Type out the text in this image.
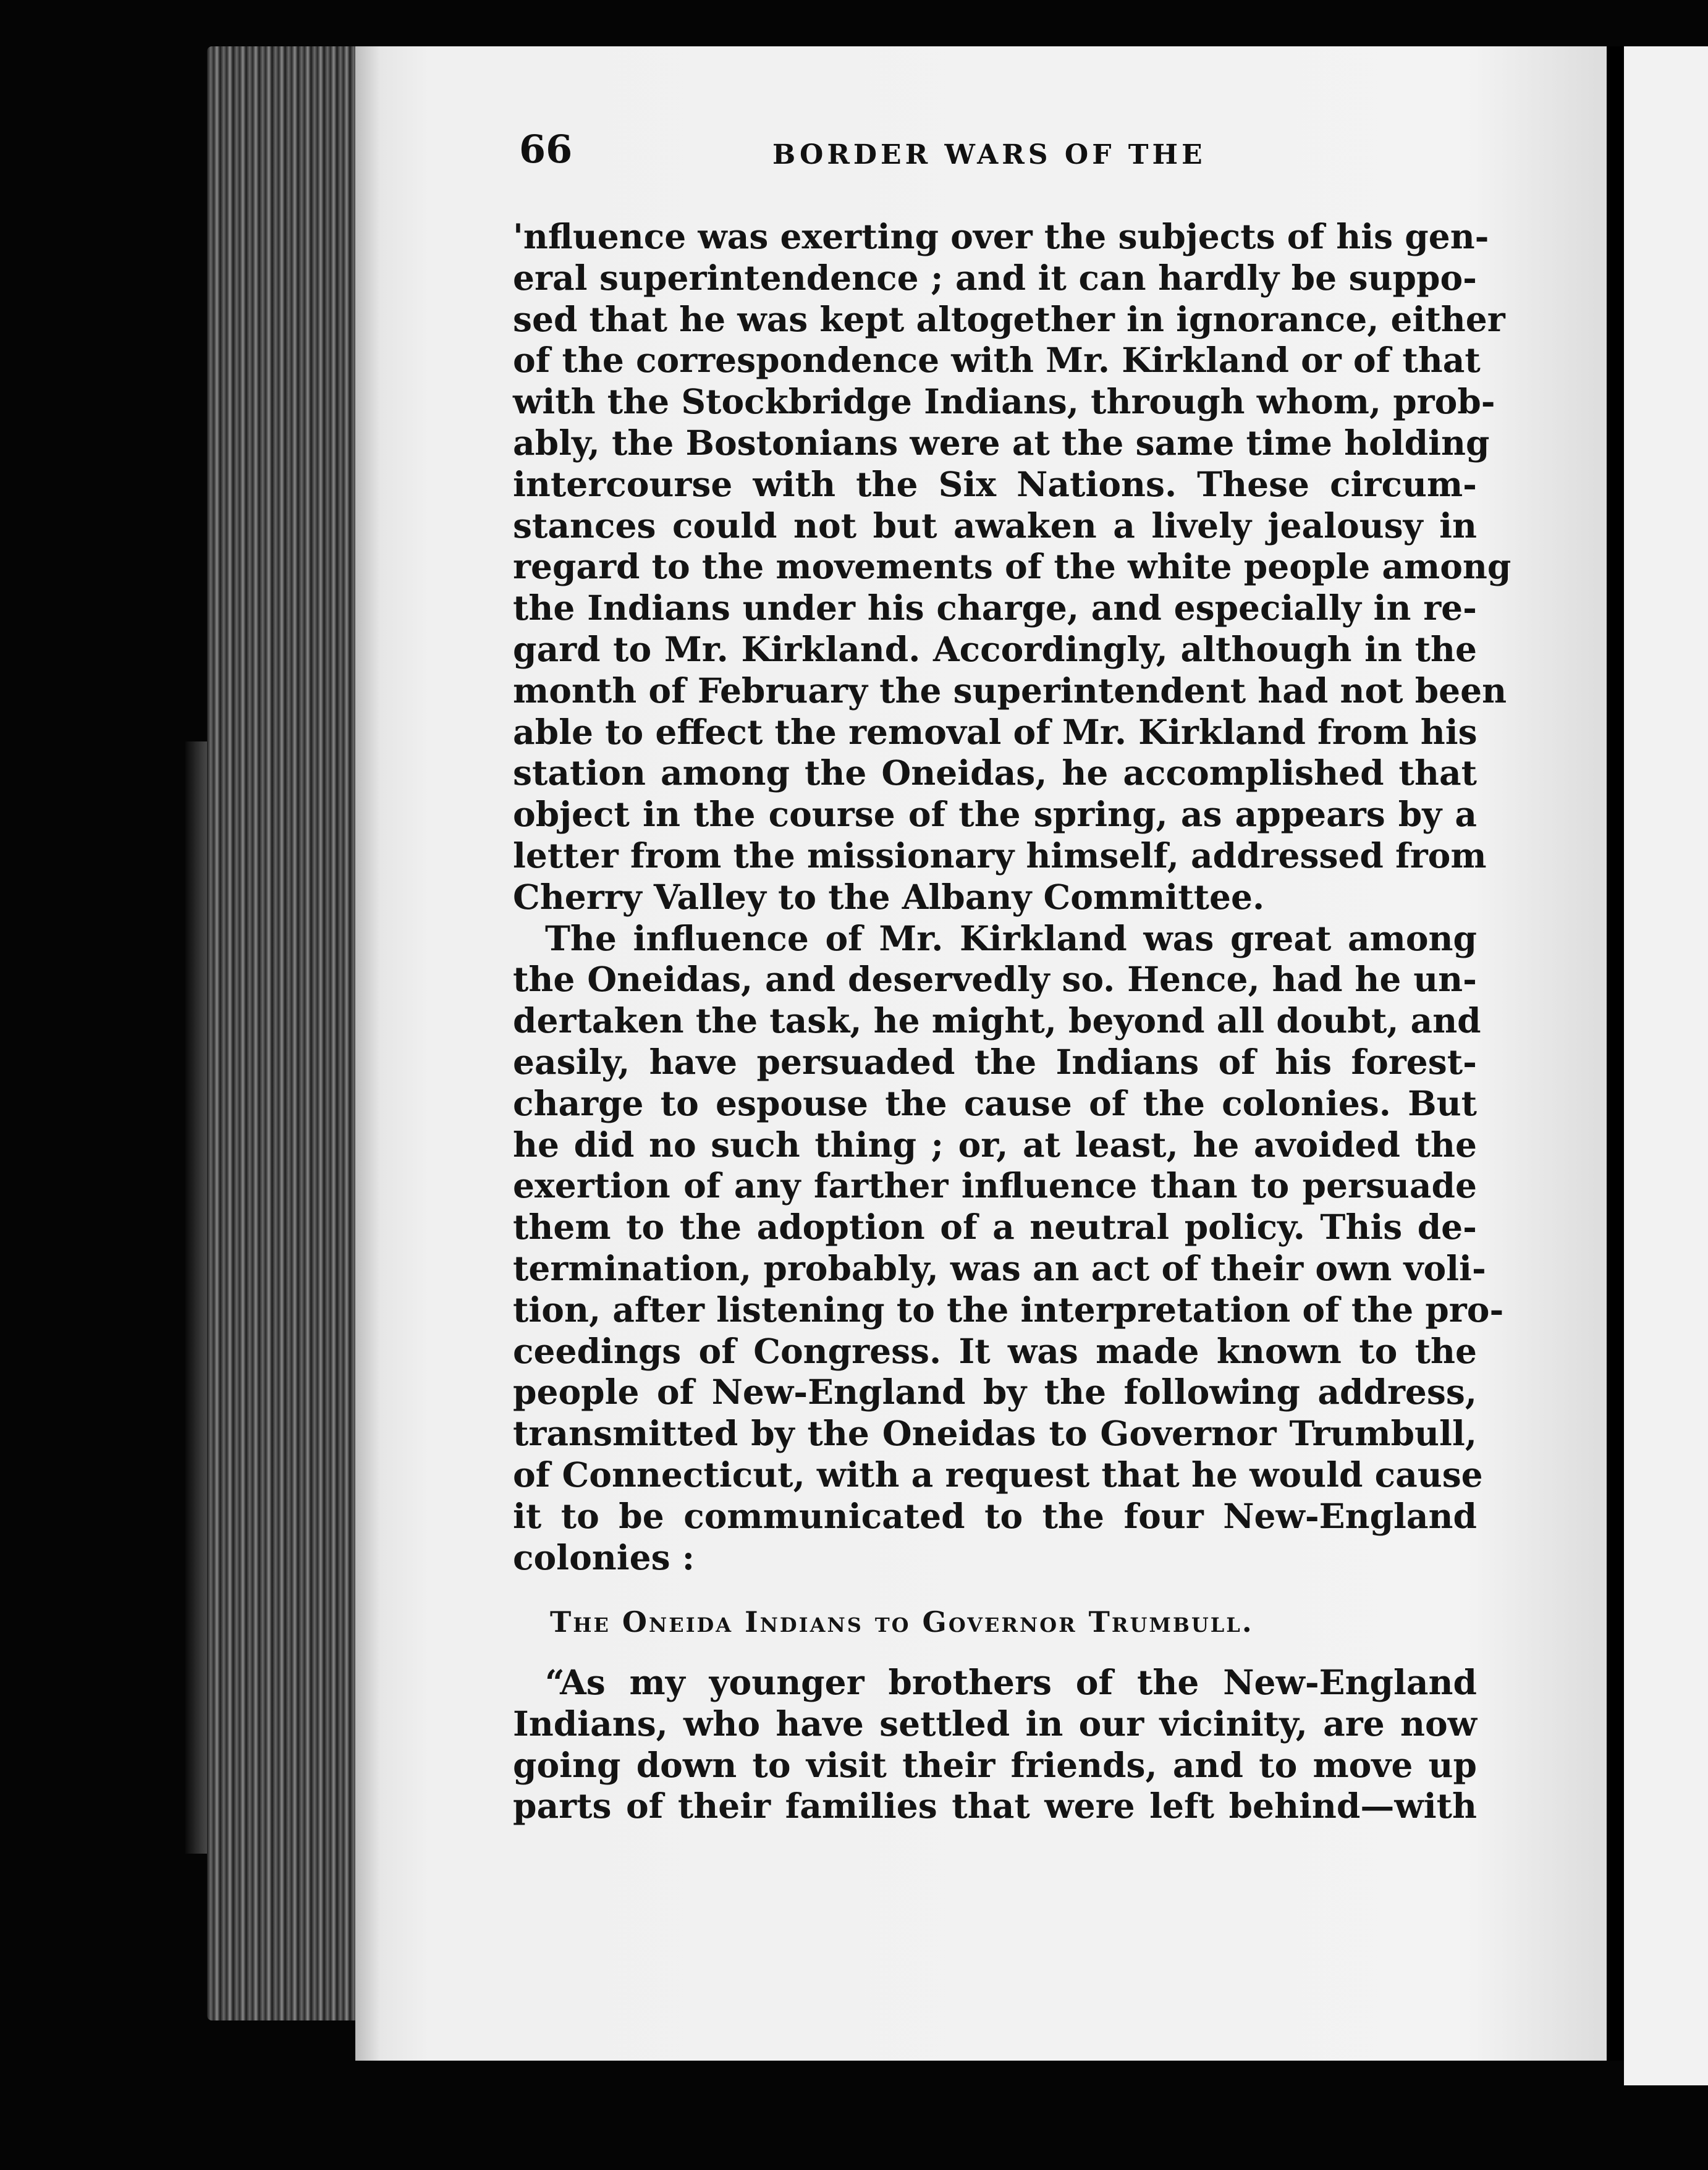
66	BORDER WARS OF THE
'nfluence was exerting over the subjects of his gen-
eral superintendence ; and it can hardly be suppo-
sed that he was kept altogether in ignorance, either
of the correspondence with Mr. Kirkland or of that
with the Stockbridge Indians, through whom, prob-
ably, the Bostonians were at the same time holding
intercourse with the Six Nations. These circum-
stances could not but awaken a lively jealousy in
regard to the movements of the white people among
the Indians under his charge, and especially in re-
gard to Mr. Kirkland. Accordingly, although in the
month of February the superintendent had not been
able to effect the removal of Mr. Kirkland from his
station among the Oneidas, he accomplished that
object in the course of the spring, as appears by a
letter from the missionary himself, addressed from
Cherry Valley to the Albany Committee.
The influence of Mr. Kirkland was great among
the Oneidas, and deservedly so. Hence, had he un-
dertaken the task, he might, beyond all doubt, and
easily, have persuaded the Indians of his forest-
charge to espouse the cause of the colonies. But
he did no such thing ; or, at least, he avoided the
exertion of any farther influence than to persuade
them to the adoption of a neutral policy. This de-
termination, probably, was an act of their own voli-
tion, after listening to the interpretation of the pro-
ceedings of Congress. It was made known to the
people of New-England by the following address,
transmitted by the Oneidas to Governor Trumbull,
of Connecticut, with a request that he would cause
it to be communicated to the four New-England
colonies :
The Oneida Indians to Governor Trumbull.
“As my younger brothers of the New-England
Indians, who have settled in our vicinity, are now
going down to visit their friends, and to move up
parts of their families that were left behind—with
